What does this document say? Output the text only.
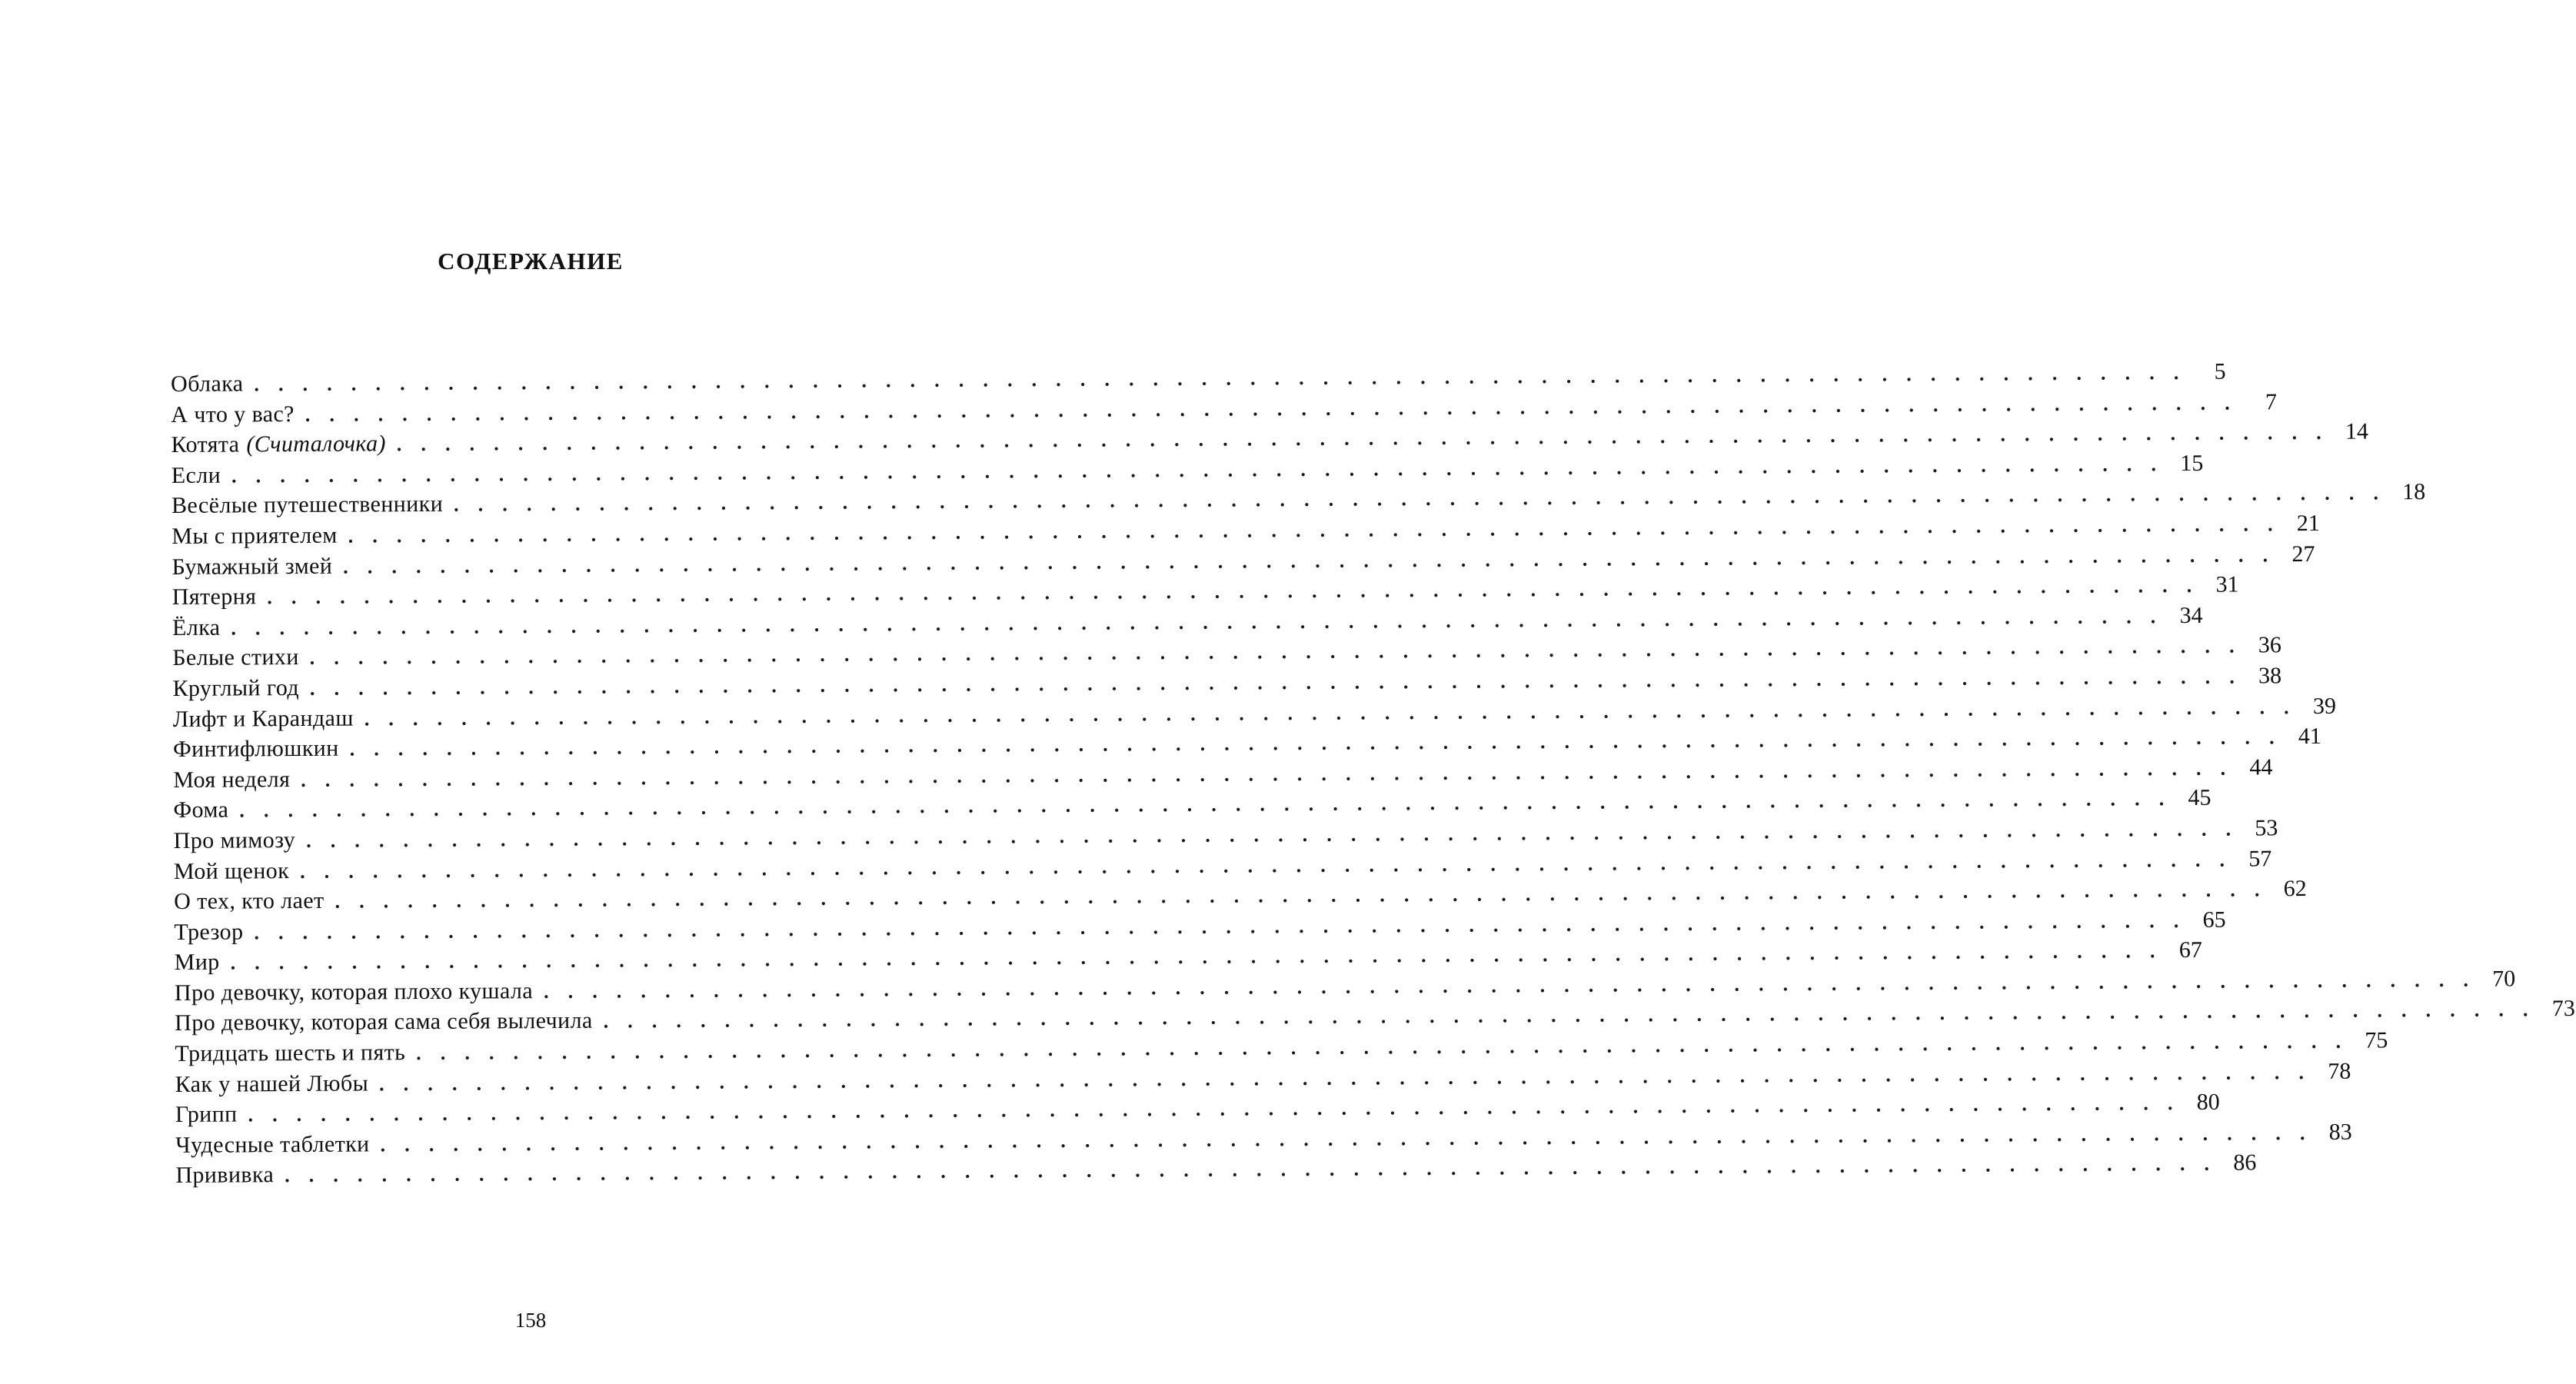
СОДЕРЖАНИЕ
Облака . . . . . . . . . . . . . . . . . . . . . . . . . . . . . . . . . . . . . . . . . . . . . . . . . . . . . . . . . . . . . . . . . . . . . . . . . . . . . . . .	5
А что у вас? . . . . . . . . . . . . . . . . . . . . . . . . . . . . . . . . . . . . . . . . . . . . . . . . . . . . . . . . . . . . . . . . . . . . . . . . . . . . . . . .	7
Котята (Считалочка) . . . . . . . . . . . . . . . . . . . . . . . . . . . . . . . . . . . . . . . . . . . . . . . . . . . . . . . . . . . . . . . . . . . . . . . . . . . . . . . . 14
Если . . . . . . . . . . . . . . . . . . . . . . . . . . . . . . . . . . . . . . . . . . . . . . . . . . . . . . . . . . . . . . . . . . . . . . . . . . . . . . . . 15
Весёлые путешественники . . . . . . . . . . . . . . . . . . . . . . . . . . . . . . . . . . . . . . . . . . . . . . . . . . . . . . . . . . . . . . . . . . . . . . . . . . . . . . . . 18
Мы с приятелем . . . . . . . . . . . . . . . . . . . . . . . . . . . . . . . . . . . . . . . . . . . . . . . . . . . . . . . . . . . . . . . . . . . . . . . . . . . . . . . . 21
Бумажный змей . . . . . . . . . . . . . . . . . . . . . . . . . . . . . . . . . . . . . . . . . . . . . . . . . . . . . . . . . . . . . . . . . . . . . . . . . . . . . . . . 27
Пятерня . . . . . . . . . . . . . . . . . . . . . . . . . . . . . . . . . . . . . . . . . . . . . . . . . . . . . . . . . . . . . . . . . . . . . . . . . . . . . . . . 31
Ёлка . . . . . . . . . . . . . . . . . . . . . . . . . . . . . . . . . . . . . . . . . . . . . . . . . . . . . . . . . . . . . . . . . . . . . . . . . . . . . . . . 34
Белые стихи . . . . . . . . . . . . . . . . . . . . . . . . . . . . . . . . . . . . . . . . . . . . . . . . . . . . . . . . . . . . . . . . . . . . . . . . . . . . . . . . 36
Круглый год . . . . . . . . . . . . . . . . . . . . . . . . . . . . . . . . . . . . . . . . . . . . . . . . . . . . . . . . . . . . . . . . . . . . . . . . . . . . . . . . 38
Лифт и Карандаш . . . . . . . . . . . . . . . . . . . . . . . . . . . . . . . . . . . . . . . . . . . . . . . . . . . . . . . . . . . . . . . . . . . . . . . . . . . . . . . . 39
Финтифлюшкин . . . . . . . . . . . . . . . . . . . . . . . . . . . . . . . . . . . . . . . . . . . . . . . . . . . . . . . . . . . . . . . . . . . . . . . . . . . . . . . . 41
Моя неделя . . . . . . . . . . . . . . . . . . . . . . . . . . . . . . . . . . . . . . . . . . . . . . . . . . . . . . . . . . . . . . . . . . . . . . . . . . . . . . . . 44
Фома . . . . . . . . . . . . . . . . . . . . . . . . . . . . . . . . . . . . . . . . . . . . . . . . . . . . . . . . . . . . . . . . . . . . . . . . . . . . . . . . 45
Про мимозу . . . . . . . . . . . . . . . . . . . . . . . . . . . . . . . . . . . . . . . . . . . . . . . . . . . . . . . . . . . . . . . . . . . . . . . . . . . . . . . . 53
Мой щенок . . . . . . . . . . . . . . . . . . . . . . . . . . . . . . . . . . . . . . . . . . . . . . . . . . . . . . . . . . . . . . . . . . . . . . . . . . . . . . . . 57
О тех, кто лает . . . . . . . . . . . . . . . . . . . . . . . . . . . . . . . . . . . . . . . . . . . . . . . . . . . . . . . . . . . . . . . . . . . . . . . . . . . . . . . . 62
Трезор . . . . . . . . . . . . . . . . . . . . . . . . . . . . . . . . . . . . . . . . . . . . . . . . . . . . . . . . . . . . . . . . . . . . . . . . . . . . . . . . 65
Мир . . . . . . . . . . . . . . . . . . . . . . . . . . . . . . . . . . . . . . . . . . . . . . . . . . . . . . . . . . . . . . . . . . . . . . . . . . . . . . . . 67
Про девочку, которая плохо кушала . . . . . . . . . . . . . . . . . . . . . . . . . . . . . . . . . . . . . . . . . . . . . . . . . . . . . . . . . . . . . . . . . . . . . . . . . . . . . . . . 70
Про девочку, которая сама себя вылечила . . . . . . . . . . . . . . . . . . . . . . . . . . . . . . . . . . . . . . . . . . . . . . . . . . . . . . . . . . . . . . . . . . . . . . . . . . . . . . . . 73
Тридцать шесть и пять . . . . . . . . . . . . . . . . . . . . . . . . . . . . . . . . . . . . . . . . . . . . . . . . . . . . . . . . . . . . . . . . . . . . . . . . . . . . . . . . 75
Как у нашей Любы . . . . . . . . . . . . . . . . . . . . . . . . . . . . . . . . . . . . . . . . . . . . . . . . . . . . . . . . . . . . . . . . . . . . . . . . . . . . . . . . 78
Грипп . . . . . . . . . . . . . . . . . . . . . . . . . . . . . . . . . . . . . . . . . . . . . . . . . . . . . . . . . . . . . . . . . . . . . . . . . . . . . . . . 80
Чудесные таблетки . . . . . . . . . . . . . . . . . . . . . . . . . . . . . . . . . . . . . . . . . . . . . . . . . . . . . . . . . . . . . . . . . . . . . . . . . . . . . . . . 83
Прививка . . . . . . . . . . . . . . . . . . . . . . . . . . . . . . . . . . . . . . . . . . . . . . . . . . . . . . . . . . . . . . . . . . . . . . . . . . . . . . . . 86
158
